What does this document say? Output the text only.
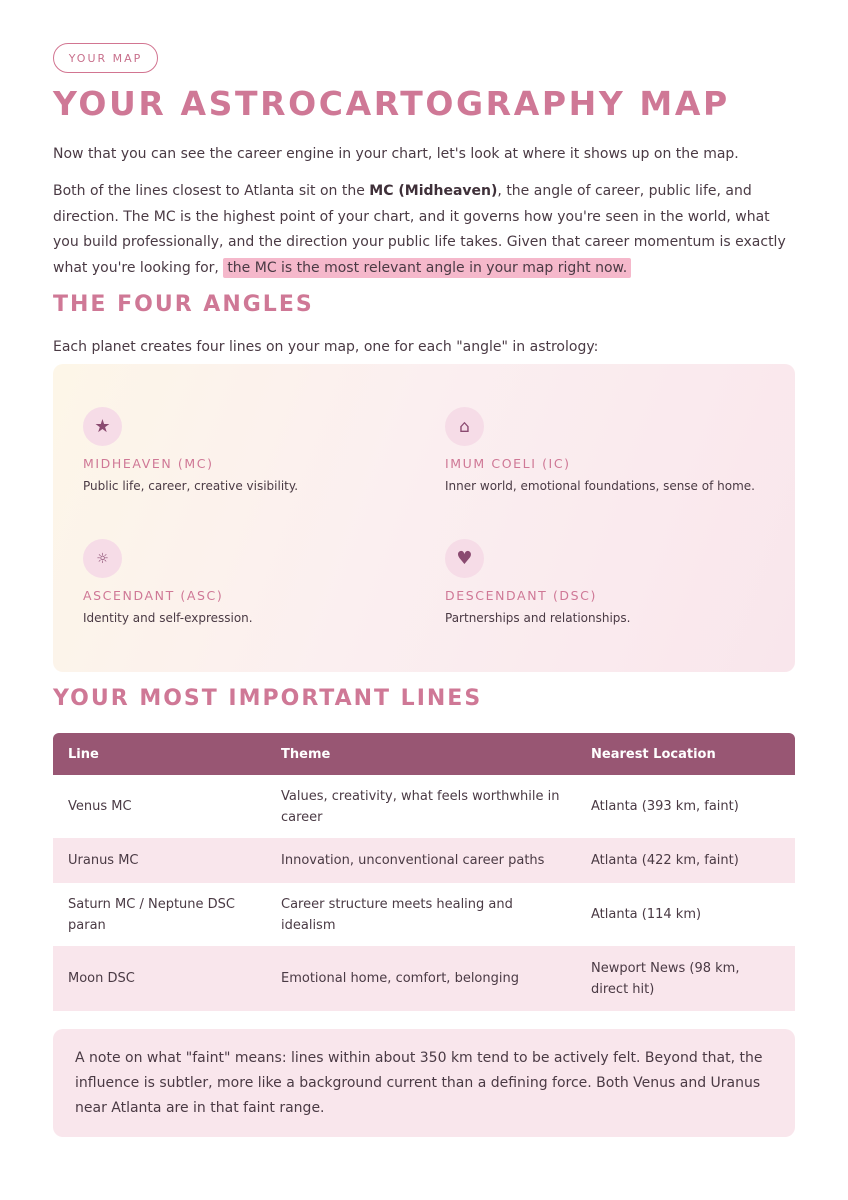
YOUR MAP
YOUR ASTROCARTOGRAPHY MAP

Now that you can see the career engine in your chart, let's look at where it shows up on the map.

Both of the lines closest to Atlanta sit on the MC (Midheaven), the angle of career, public life, and direction. The MC is the highest point of your chart, and it governs how you're seen in the world, what you build professionally, and the direction your public life takes. Given that career momentum is exactly what you're looking for, the MC is the most relevant angle in your map right now.

THE FOUR ANGLES

Each planet creates four lines on your map, one for each "angle" in astrology:

★
MIDHEAVEN (MC)
Public life, career, creative visibility.
⌂
IMUM COELI (IC)
Inner world, emotional foundations, sense of home.
☼
ASCENDANT (ASC)
Identity and self-expression.
♥
DESCENDANT (DSC)
Partnerships and relationships.
YOUR MOST IMPORTANT LINES
Line	Theme	Nearest Location
Venus MC	Values, creativity, what feels worthwhile in career	Atlanta (393 km, faint)
Uranus MC	Innovation, unconventional career paths	Atlanta (422 km, faint)
Saturn MC / Neptune DSC paran	Career structure meets healing and idealism	Atlanta (114 km)
Moon DSC	Emotional home, comfort, belonging	Newport News (98 km, direct hit)
A note on what "faint" means: lines within about 350 km tend to be actively felt. Beyond that, the influence is subtler, more like a background current than a defining force. Both Venus and Uranus near Atlanta are in that faint range.
